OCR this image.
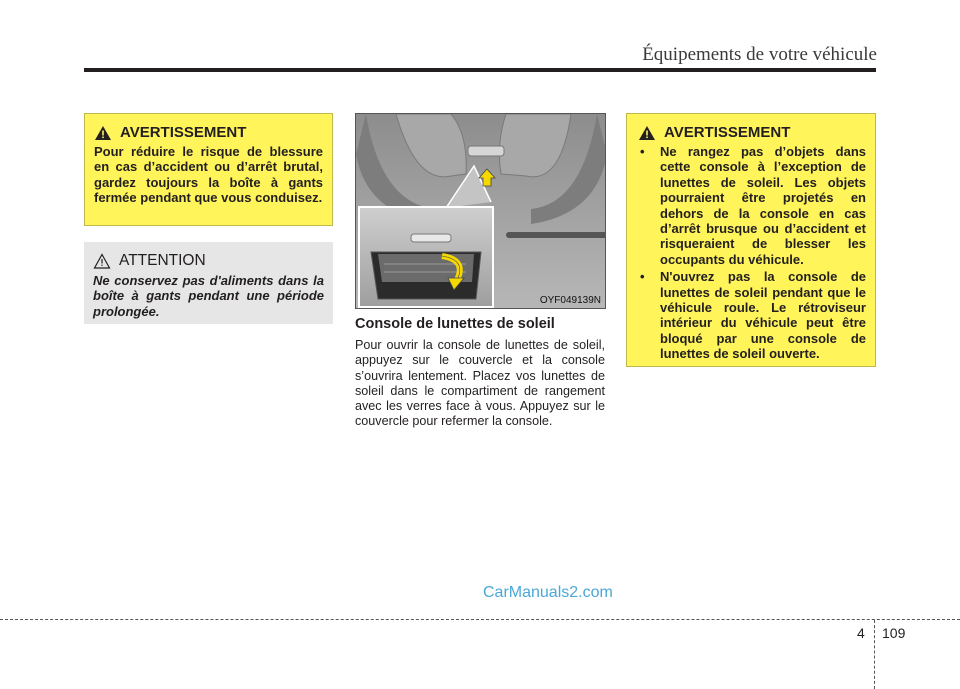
Équipements de votre véhicule
AVERTISSEMENT

Pour réduire le risque de blessure en cas d’accident ou d’arrêt brutal, gardez toujours la boîte à gants fermée pendant que vous conduisez.

ATTENTION

Ne conservez pas d'aliments dans la boîte à gants pendant une période prolongée.

OYF049139N
Console de lunettes de soleil

Pour ouvrir la console de lunettes de soleil, appuyez sur le couvercle et la console s’ouvrira lentement. Placez vos lunettes de soleil dans le compartiment de rangement avec les verres face à vous. Appuyez sur le couvercle pour refermer la console.

AVERTISSEMENT
• Ne rangez pas d’objets dans cette console à l’exception de lunettes de soleil. Les objets pourraient être projetés en dehors de la console en cas d’arrêt brusque ou d’accident et risqueraient de blesser les occupants du véhicule.
• N'ouvrez pas la console de lunettes de soleil pendant que le véhicule roule. Le rétroviseur intérieur du véhicule peut être bloqué par une console de lunettes de soleil ouverte.
CarManuals2.com
4 109
